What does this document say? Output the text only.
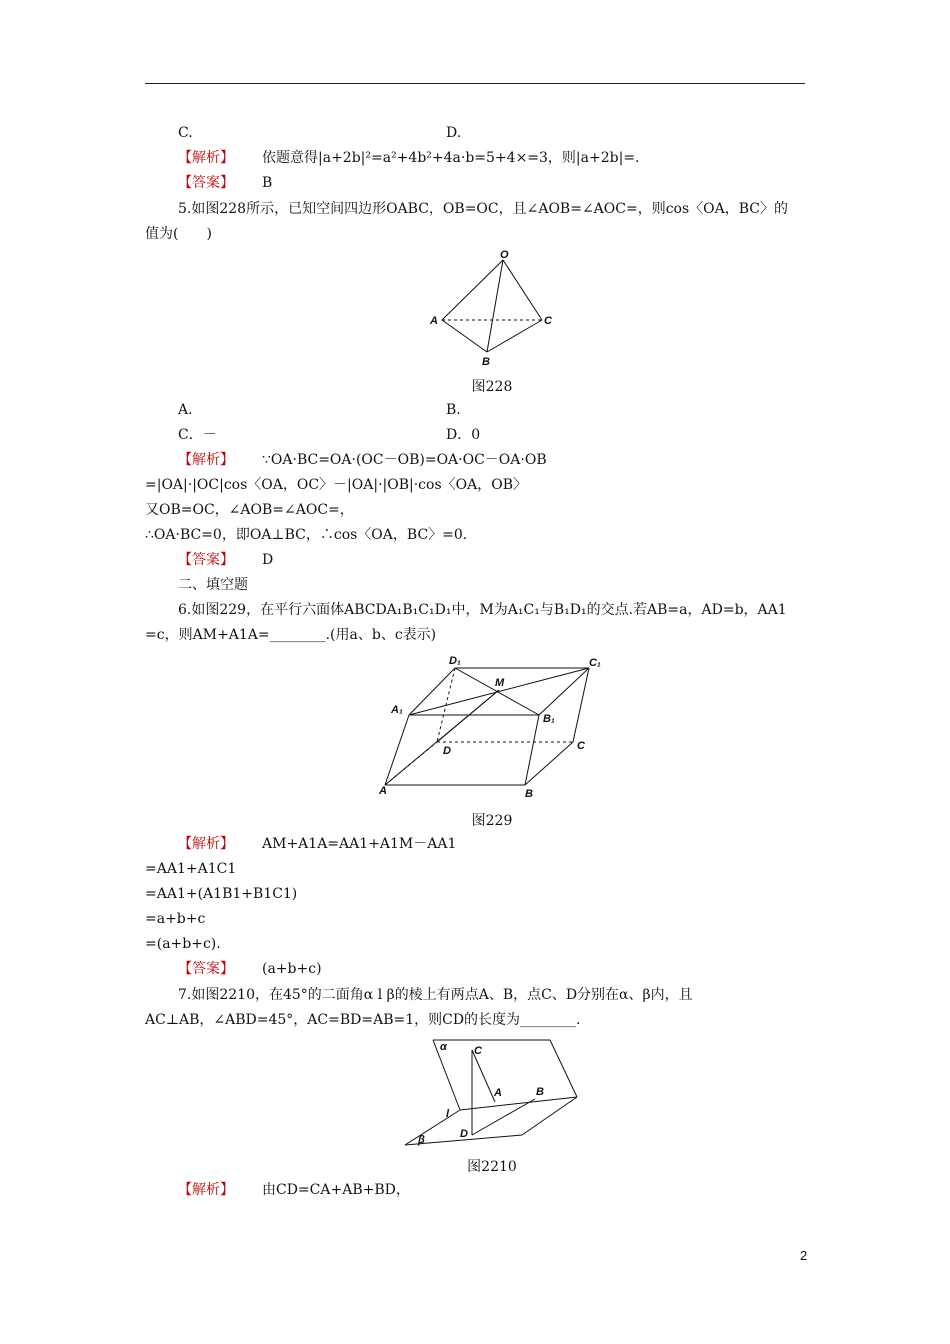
C.	D.
【解析】 依题意得|a+2b|²=a²+4b²+4a·b=5+4×=3，则|a+2b|=.
【答案】 B
5.如图228所示，已知空间四边形OABC，OB=OC，且∠AOB=∠AOC=，则cos〈OA，BC〉的
值为(　　)
O
A	C
B
图228
A.	B.
C．－	D．0
【解析】 ∵OA·BC=OA·(OC－OB)=OA·OC－OA·OB
=|OA|·|OC|cos〈OA，OC〉－|OA|·|OB|·cos〈OA，OB〉
又OB=OC，∠AOB=∠AOC=，
∴OA·BC=0，即OA⊥BC，∴cos〈OA，BC〉=0.
【答案】 D
二、填空题
6.如图229，在平行六面体ABCDA₁B₁C₁D₁中，M为A₁C₁与B₁D₁的交点.若AB=a，AD=b，AA1
=c，则AM+A1A=________.(用a、b、c表示)
D₁	C₁
M
A₁
B₁
D	C
A	B
图229
【解析】 AM+A1A=AA1+A1M－AA1
=AA1+A1C1
=AA1+(A1B1+B1C1)
=a+b+c
=(a+b+c).
【答案】 (a+b+c)
7.如图2210，在45°的二面角α l β的棱上有两点A、B，点C、D分别在α、β内，且
AC⊥AB，∠ABD=45°，AC=BD=AB=1，则CD的长度为________.
α C
A	B
l
D
β
图2210
【解析】 由CD=CA+AB+BD，
2
